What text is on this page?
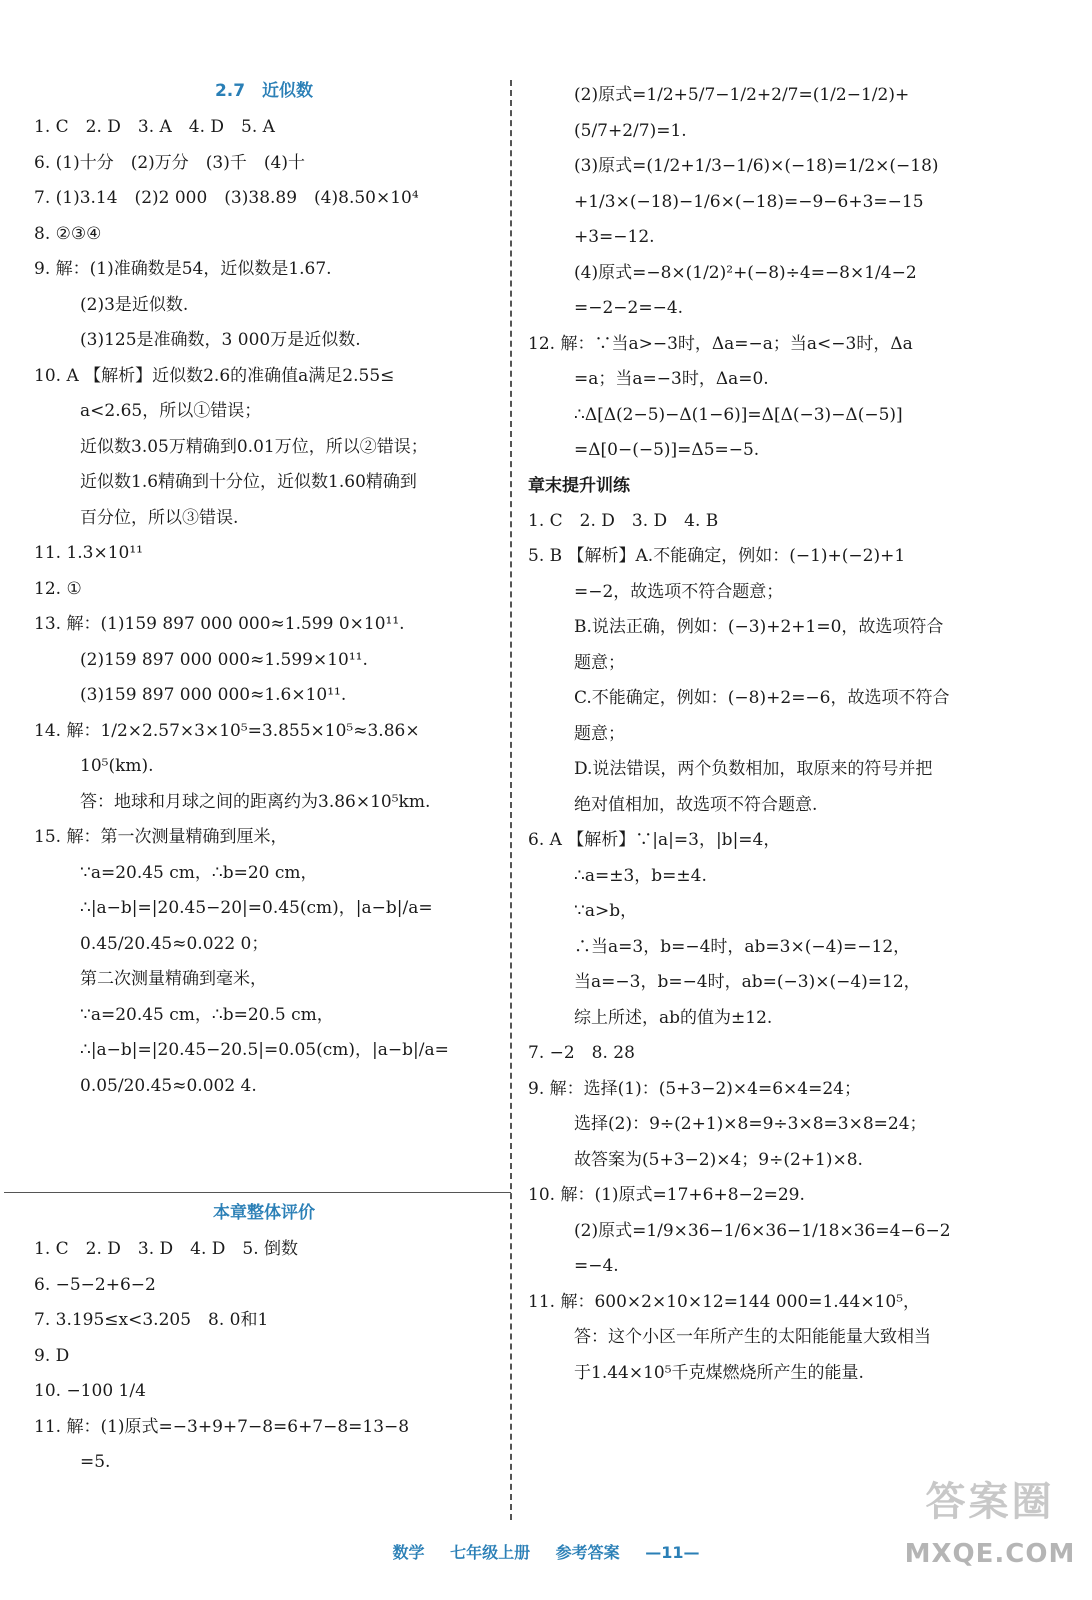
2.7　近似数
1. C　2. D　3. A　4. D　5. A
6. (1)十分　(2)万分　(3)千　(4)十
7. (1)3.14　(2)2 000　(3)38.89　(4)8.50×10⁴
8. ②③④
9. 解：(1)准确数是54，近似数是1.67.
(2)3是近似数.
(3)125是准确数，3 000万是近似数.
10. A 【解析】近似数2.6的准确值a满足2.55≤
a<2.65，所以①错误；
近似数3.05万精确到0.01万位，所以②错误；
近似数1.6精确到十分位，近似数1.60精确到
百分位，所以③错误.
11. 1.3×10¹¹
12. ①
13. 解：(1)159 897 000 000≈1.599 0×10¹¹.
(2)159 897 000 000≈1.599×10¹¹.
(3)159 897 000 000≈1.6×10¹¹.
14. 解：1/2×2.57×3×10⁵=3.855×10⁵≈3.86×
10⁵(km).
答：地球和月球之间的距离约为3.86×10⁵km.
15. 解：第一次测量精确到厘米，
∵a=20.45 cm，∴b=20 cm，
∴|a−b|=|20.45−20|=0.45(cm)，|a−b|/a=
0.45/20.45≈0.022 0；
第二次测量精确到毫米，
∵a=20.45 cm，∴b=20.5 cm，
∴|a−b|=|20.45−20.5|=0.05(cm)，|a−b|/a=
0.05/20.45≈0.002 4.
本章整体评价
1. C　2. D　3. D　4. D　5. 倒数
6. −5−2+6−2
7. 3.195≤x<3.205　8. 0和1
9. D
10. −100 1/4
11. 解：(1)原式=−3+9+7−8=6+7−8=13−8
=5.
(2)原式=1/2+5/7−1/2+2/7=(1/2−1/2)+
(5/7+2/7)=1.
(3)原式=(1/2+1/3−1/6)×(−18)=1/2×(−18)
+1/3×(−18)−1/6×(−18)=−9−6+3=−15
+3=−12.
(4)原式=−8×(1/2)²+(−8)÷4=−8×1/4−2
=−2−2=−4.
12. 解：∵当a>−3时，Δa=−a；当a<−3时，Δa
=a；当a=−3时，Δa=0.
∴Δ[Δ(2−5)−Δ(1−6)]=Δ[Δ(−3)−Δ(−5)]
=Δ[0−(−5)]=Δ5=−5.
章末提升训练
1. C　2. D　3. D　4. B
5. B 【解析】A.不能确定，例如：(−1)+(−2)+1
=−2，故选项不符合题意；
B.说法正确，例如：(−3)+2+1=0，故选项符合
题意；
C.不能确定，例如：(−8)+2=−6，故选项不符合
题意；
D.说法错误，两个负数相加，取原来的符号并把
绝对值相加，故选项不符合题意.
6. A 【解析】∵|a|=3，|b|=4，
∴a=±3，b=±4.
∵a>b，
∴当a=3，b=−4时，ab=3×(−4)=−12，
当a=−3，b=−4时，ab=(−3)×(−4)=12，
综上所述，ab的值为±12.
7. −2　8. 28
9. 解：选择(1)：(5+3−2)×4=6×4=24；
选择(2)：9÷(2+1)×8=9÷3×8=3×8=24；
故答案为(5+3−2)×4；9÷(2+1)×8.
10. 解：(1)原式=17+6+8−2=29.
(2)原式=1/9×36−1/6×36−1/18×36=4−6−2
=−4.
11. 解：600×2×10×12=144 000=1.44×10⁵，
答：这个小区一年所产生的太阳能能量大致相当
于1.44×10⁵千克煤燃烧所产生的能量.
数学 七年级上册 参考答案 —11—
答案圈
MXQE.COM
